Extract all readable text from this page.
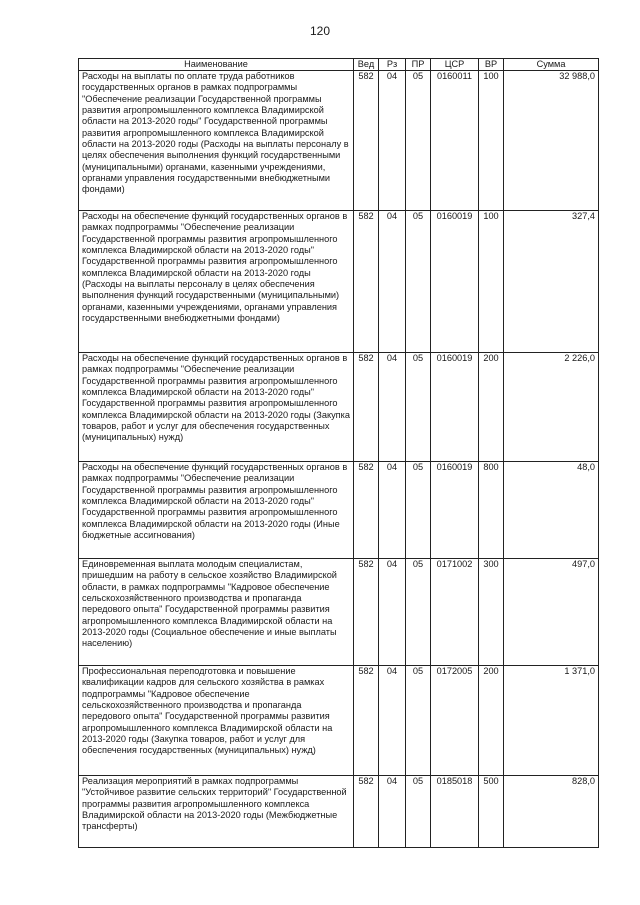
120
Наименование	Вед	Рз	ПР	ЦСР	ВР	Сумма
Расходы на выплаты по оплате труда работников государственных органов в рамках подпрограммы "Обеспечение реализации Государственной программы развития агропромышленного комплекса Владимирской области на 2013-2020 годы" Государственной программы развития агропромышленного комплекса Владимирской области на 2013-2020 годы (Расходы на выплаты персоналу в целях обеспечения выполнения функций государственными (муниципальными) органами, казенными учреждениями, органами управления государственными внебюджетными фондами)	582	04	05	0160011	100	32 988,0
Расходы на обеспечение функций государственных органов в рамках подпрограммы "Обеспечение реализации Государственной программы развития агропромышленного комплекса Владимирской области на 2013-2020 годы" Государственной программы развития агропромышленного комплекса Владимирской области на 2013-2020 годы (Расходы на выплаты персоналу в целях обеспечения выполнения функций государственными (муниципальными) органами, казенными учреждениями, органами управления государственными внебюджетными фондами)	582	04	05	0160019	100	327,4
Расходы на обеспечение функций государственных органов в рамках подпрограммы "Обеспечение реализации Государственной программы развития агропромышленного комплекса Владимирской области на 2013-2020 годы" Государственной программы развития агропромышленного комплекса Владимирской области на 2013-2020 годы (Закупка товаров, работ и услуг для обеспечения государственных (муниципальных) нужд)	582	04	05	0160019	200	2 226,0
Расходы на обеспечение функций государственных органов в рамках подпрограммы "Обеспечение реализации Государственной программы развития агропромышленного комплекса Владимирской области на 2013-2020 годы" Государственной программы развития агропромышленного комплекса Владимирской области на 2013-2020 годы (Иные бюджетные ассигнования)	582	04	05	0160019	800	48,0
Единовременная выплата молодым специалистам, пришедшим на работу в сельское хозяйство Владимирской области, в рамках подпрограммы "Кадровое обеспечение сельскохозяйственного производства и пропаганда передового опыта" Государственной программы развития агропромышленного комплекса Владимирской области на 2013-2020 годы (Социальное обеспечение и иные выплаты населению)	582	04	05	0171002	300	497,0
Профессиональная переподготовка и повышение квалификации кадров для сельского хозяйства в рамках подпрограммы "Кадровое обеспечение сельскохозяйственного производства и пропаганда передового опыта" Государственной программы развития агропромышленного комплекса Владимирской области на 2013-2020 годы (Закупка товаров, работ и услуг для обеспечения государственных (муниципальных) нужд)	582	04	05	0172005	200	1 371,0
Реализация мероприятий в рамках подпрограммы "Устойчивое развитие сельских территорий" Государственной программы развития агропромышленного комплекса Владимирской области на 2013-2020 годы (Межбюджетные трансферты)	582	04	05	0185018	500	828,0
